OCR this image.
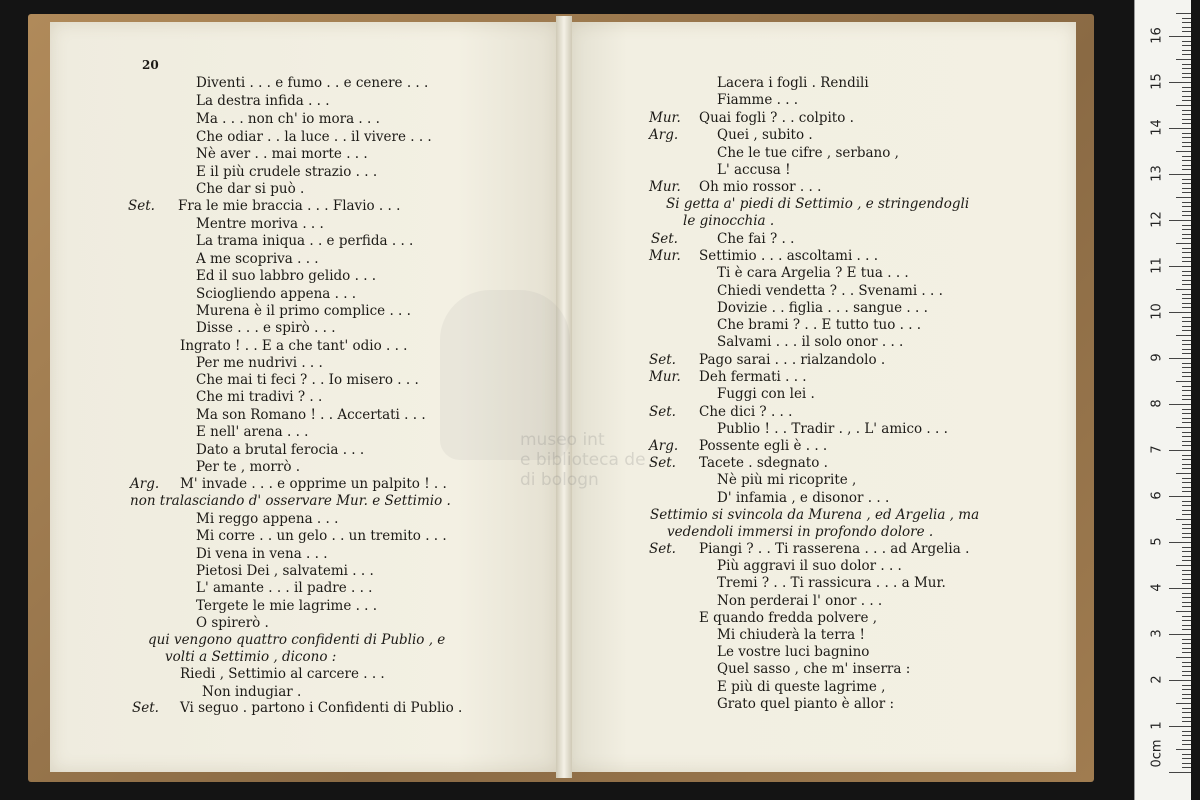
museo int
e biblioteca de
di bologn
20
Diventi . . . e fumo . . e cenere . . .
La destra infida . . .
Ma . . . non ch' io mora . . .
Che odiar . . la luce . . il vivere . . .
Nè aver . . mai morte . . .
E il più crudele strazio . . .
Che dar si può .
Fra le mie braccia . . . Flavio . . .
Mentre moriva . . .
La trama iniqua . . e perfida . . .
A me scopriva . . .
Ed il suo labbro gelido . . .
Sciogliendo appena . . .
Murena è il primo complice . . .
Disse . . . e spirò . . .
Ingrato ! . . E a che tant' odio . . .
Per me nudrivi . . .
Che mai ti feci ? . . Io misero . . .
Che mi tradivi ? . .
Ma son Romano ! . . Accertati . . .
E nell' arena . . .
Dato a brutal ferocia . . .
Per te , morrò .
M' invade . . . e opprime un palpito ! . .
non tralasciando d' osservare Mur. e Settimio .
Mi reggo appena . . .
Mi corre . . un gelo . . un tremito . . .
Di vena in vena . . .
Pietosi Dei , salvatemi . . .
L' amante . . . il padre . . .
Tergete le mie lagrime . . .
O spirerò .
qui vengono quattro confidenti di Publio , e
volti a Settimio , dicono :
Riedi , Settimio al carcere . . .
Non indugiar .
Vi seguo . partono i Confidenti di Publio .
Set.
Arg.
Set.
Lacera i fogli . Rendili
Fiamme . . .
Quai fogli ? . . colpito .
Quei , subito .
Che le tue cifre , serbano ,
L' accusa !
Oh mio rossor . . .
Si getta a' piedi di Settimio , e stringendogli
le ginocchia .
Che fai ? . .
Settimio . . . ascoltami . . .
Ti è cara Argelia ? E tua . . .
Chiedi vendetta ? . . Svenami . . .
Dovizie . . figlia . . . sangue . . .
Che brami ? . . E tutto tuo . . .
Salvami . . . il solo onor . . .
Pago sarai . . . rialzandolo .
Deh fermati . . .
Fuggi con lei .
Che dici ? . . .
Publio ! . . Tradir . , . L' amico . . .
Possente egli è . . .
Tacete . sdegnato .
Nè più mi ricoprite ,
D' infamia , e disonor . . .
Settimio si svincola da Murena , ed Argelia , ma
vedendoli immersi in profondo dolore .
Piangi ? . . Ti rasserena . . . ad Argelia .
Più aggravi il suo dolor . . .
Tremi ? . . Ti rassicura . . . a Mur.
Non perderai l' onor . . .
E quando fredda polvere ,
Mi chiuderà la terra !
Le vostre luci bagnino
Quel sasso , che m' inserra :
E più di queste lagrime ,
Grato quel pianto è allor :
Mur.
Arg.
Mur.
Set.
Mur.
Set.
Mur.
Set.
Arg.
Set.
Set.
0cm
1
2
3
4
5
6
7
8
9
10
11
12
13
14
15
16
